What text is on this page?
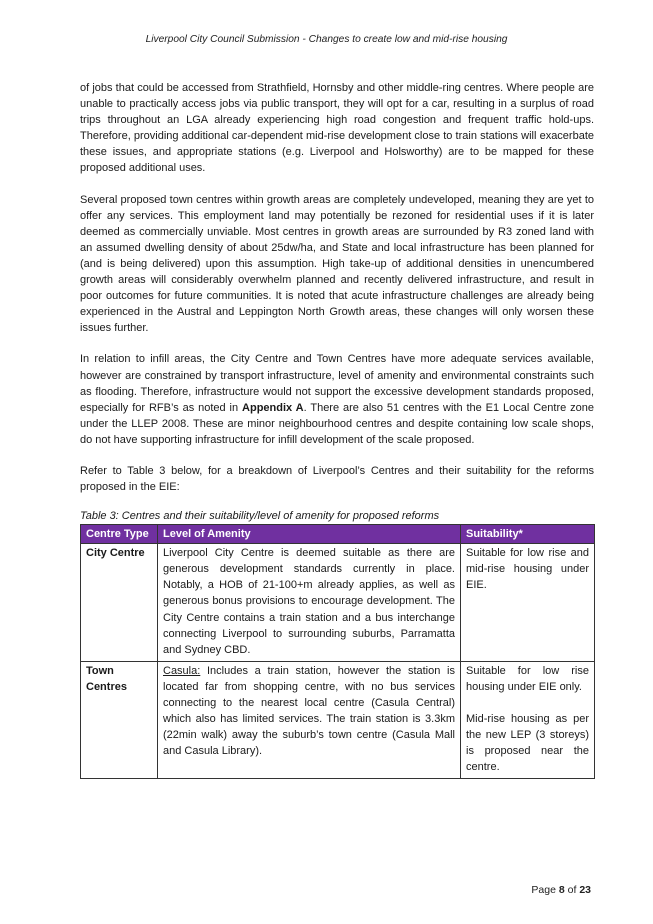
Liverpool City Council Submission - Changes to create low and mid-rise housing

of jobs that could be accessed from Strathfield, Hornsby and other middle-ring centres. Where people are unable to practically access jobs via public transport, they will opt for a car, resulting in a surplus of road trips throughout an LGA already experiencing high road congestion and frequent traffic hold-ups. Therefore, providing additional car-dependent mid-rise development close to train stations will exacerbate these issues, and appropriate stations (e.g. Liverpool and Holsworthy) are to be mapped for these proposed additional uses.

Several proposed town centres within growth areas are completely undeveloped, meaning they are yet to offer any services. This employment land may potentially be rezoned for residential uses if it is later deemed as commercially unviable. Most centres in growth areas are surrounded by R3 zoned land with an assumed dwelling density of about 25dw/ha, and State and local infrastructure has been planned for (and is being delivered) upon this assumption. High take-up of additional densities in unencumbered growth areas will considerably overwhelm planned and recently delivered infrastructure, and result in poor outcomes for future communities. It is noted that acute infrastructure challenges are already being experienced in the Austral and Leppington North Growth areas, these changes will only worsen these issues further.

In relation to infill areas, the City Centre and Town Centres have more adequate services available, however are constrained by transport infrastructure, level of amenity and environmental constraints such as flooding. Therefore, infrastructure would not support the excessive development standards proposed, especially for RFB’s as noted in Appendix A. There are also 51 centres with the E1 Local Centre zone under the LLEP 2008. These are minor neighbourhood centres and despite containing low scale shops, do not have supporting infrastructure for infill development of the scale proposed.

Refer to Table 3 below, for a breakdown of Liverpool’s Centres and their suitability for the reforms proposed in the EIE:

Table 3: Centres and their suitability/level of amenity for proposed reforms
Centre Type	Level of Amenity	Suitability*
City Centre	Liverpool City Centre is deemed suitable as there are generous development standards currently in place. Notably, a HOB of 21-100+m already applies, as well as generous bonus provisions to encourage development. The City Centre contains a train station and a bus interchange connecting Liverpool to surrounding suburbs, Parramatta and Sydney CBD.	Suitable for low rise and mid-rise housing under EIE.
Town Centres	Casula: Includes a train station, however the station is located far from shopping centre, with no bus services connecting to the nearest local centre (Casula Central) which also has limited services. The train station is 3.3km (22min walk) away the suburb’s town centre (Casula Mall and Casula Library).	Suitable for low rise housing under EIE only.
Mid-rise housing as per the new LEP (3 storeys) is proposed near the centre.
Page 8 of 23
